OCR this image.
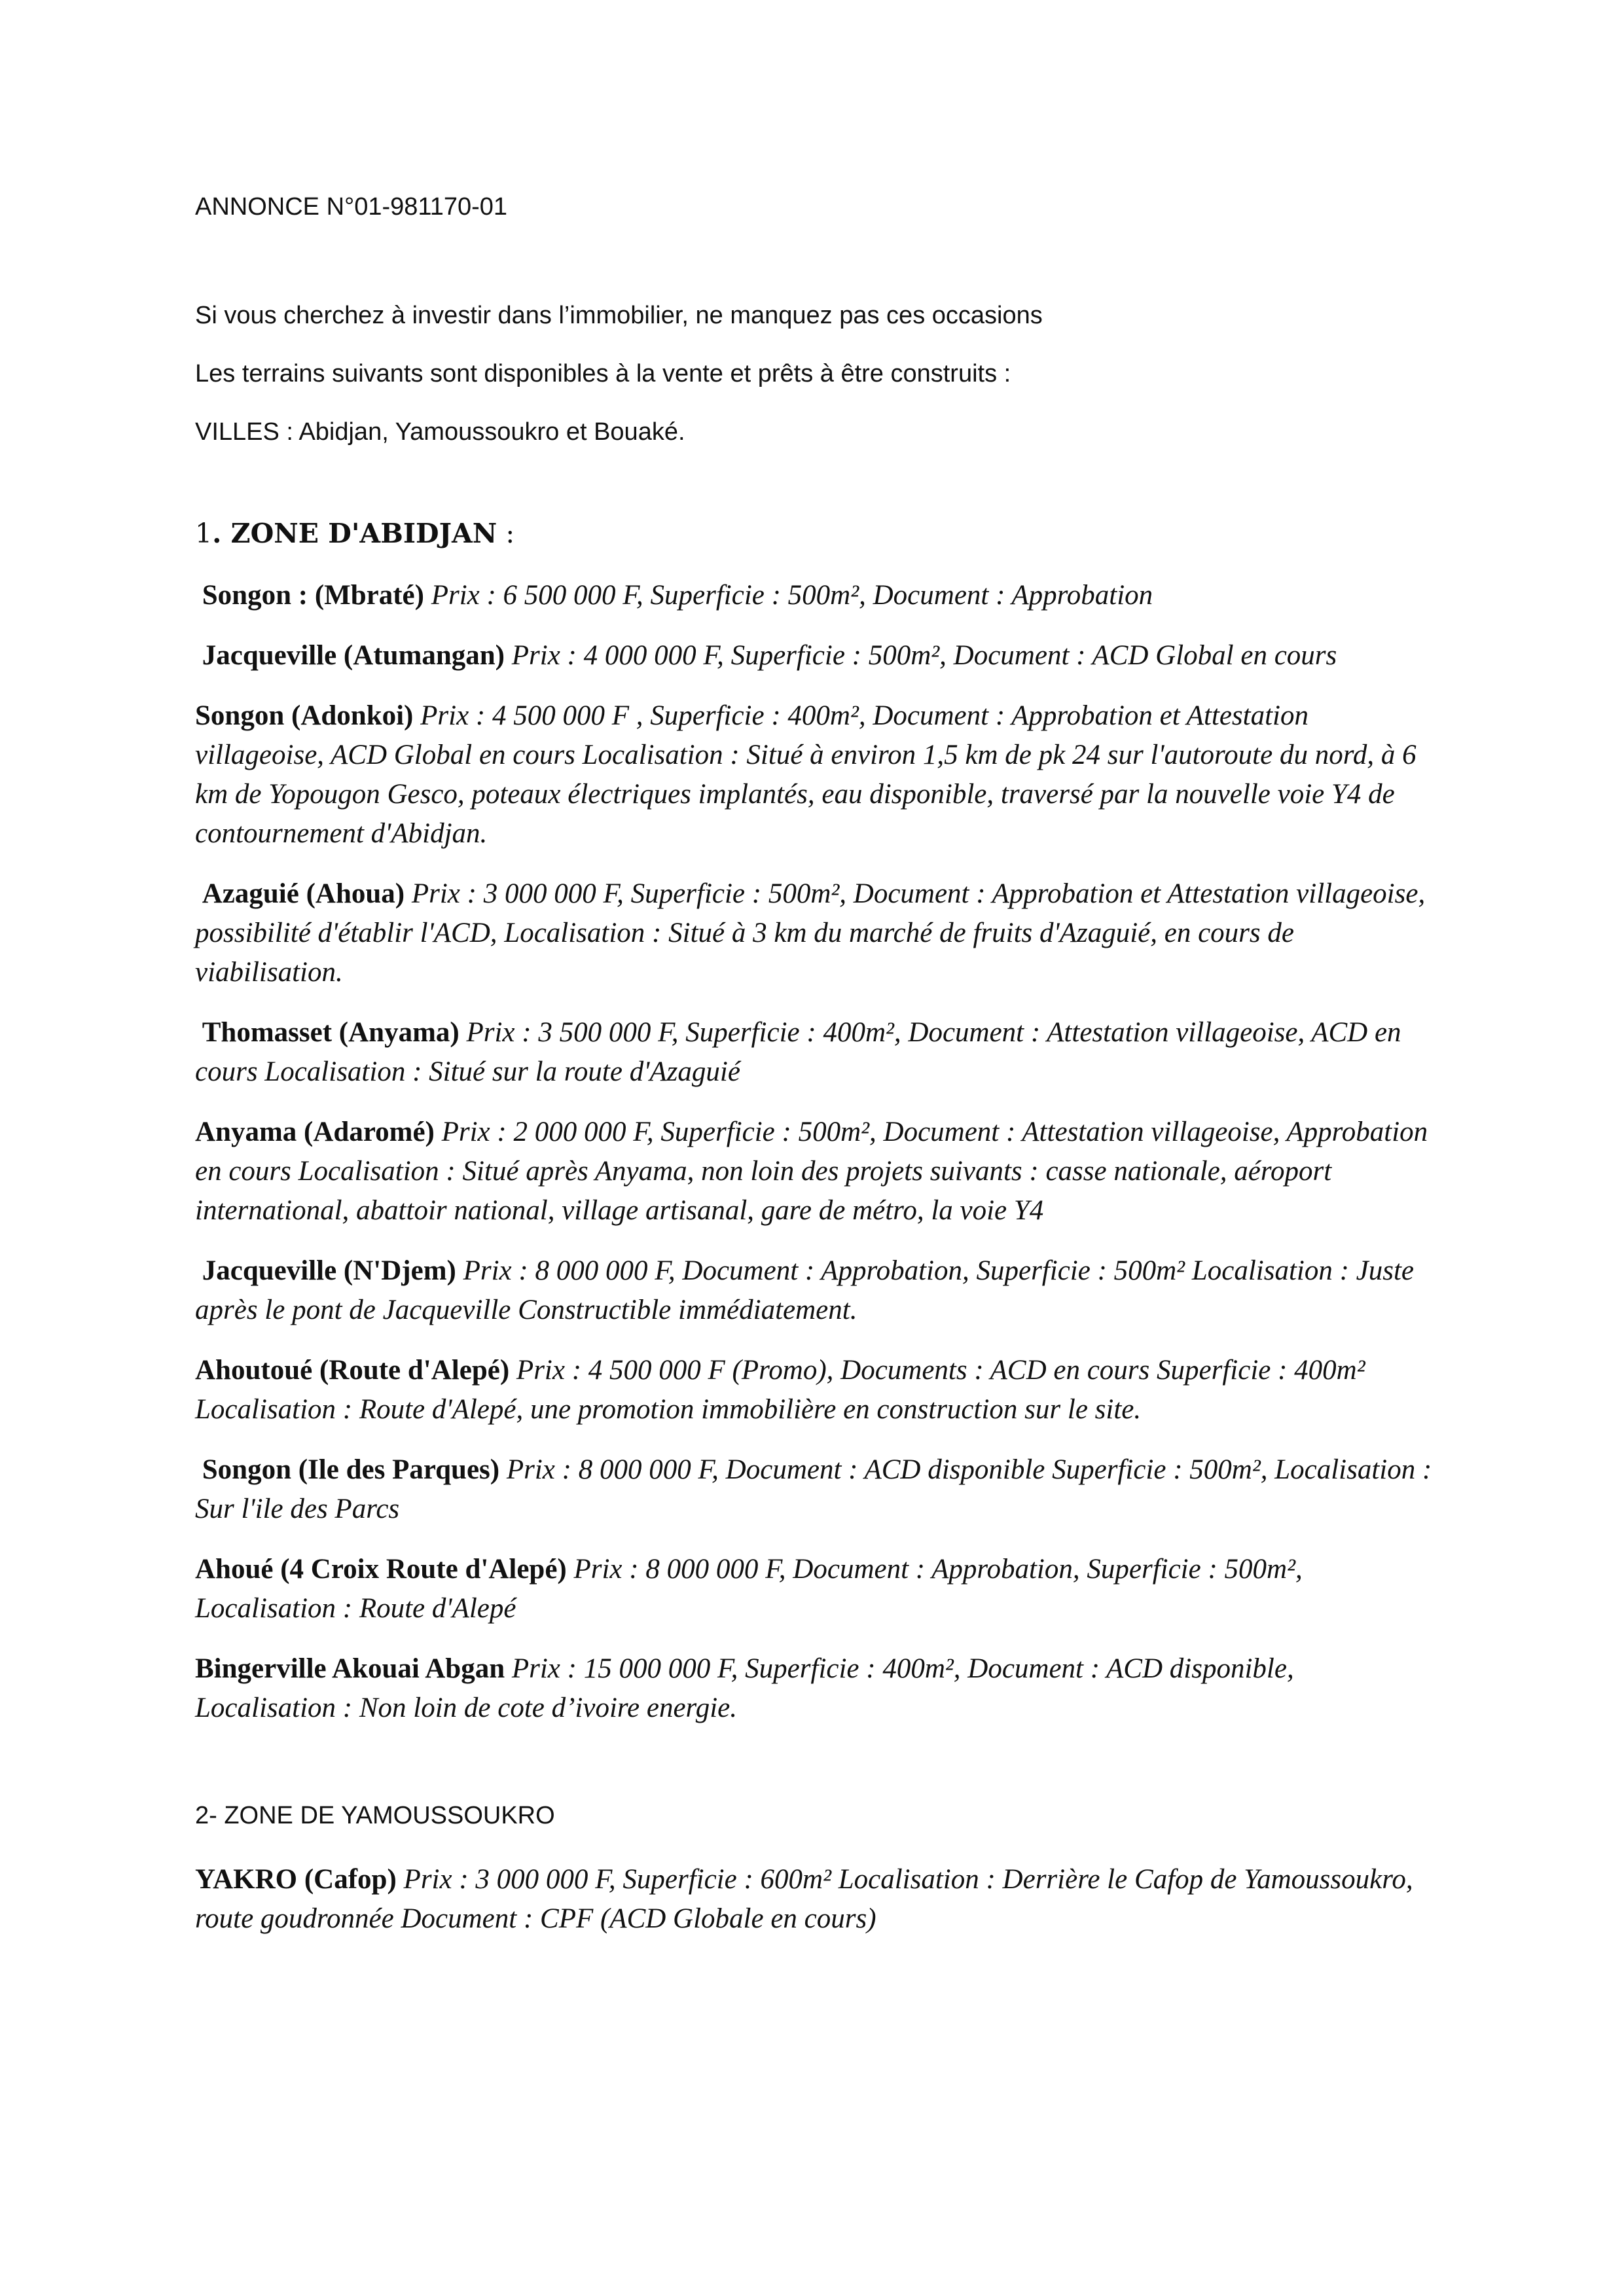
ANNONCE N°01-981170-01

Si vous cherchez à investir dans l’immobilier, ne manquez pas ces occasions

Les terrains suivants sont disponibles à la vente et prêts à être construits :

VILLES : Abidjan, Yamoussoukro et Bouaké.

1. ZONE D'ABIDJAN :

Songon : (Mbraté) Prix : 6 500 000 F, Superficie : 500m², Document : Approbation

Jacqueville (Atumangan) Prix : 4 000 000 F, Superficie : 500m², Document : ACD Global en cours

Songon (Adonkoi) Prix : 4 500 000 F , Superficie : 400m², Document : Approbation et Attestation villageoise, ACD Global en cours Localisation : Situé à environ 1,5 km de pk 24 sur l'autoroute du nord, à 6 km de Yopougon Gesco, poteaux électriques implantés, eau disponible, traversé par la nouvelle voie Y4 de contournement d'Abidjan.

Azaguié (Ahoua) Prix : 3 000 000 F, Superficie : 500m², Document : Approbation et Attestation villageoise, possibilité d'établir l'ACD, Localisation : Situé à 3 km du marché de fruits d'Azaguié, en cours de viabilisation.

Thomasset (Anyama) Prix : 3 500 000 F, Superficie : 400m², Document : Attestation villageoise, ACD en cours Localisation : Situé sur la route d'Azaguié

Anyama (Adaromé) Prix : 2 000 000 F, Superficie : 500m², Document : Attestation villageoise, Approbation en cours Localisation : Situé après Anyama, non loin des projets suivants : casse nationale, aéroport international, abattoir national, village artisanal, gare de métro, la voie Y4

Jacqueville (N'Djem) Prix : 8 000 000 F, Document : Approbation, Superficie : 500m² Localisation : Juste après le pont de Jacqueville Constructible immédiatement.

Ahoutoué (Route d'Alepé) Prix : 4 500 000 F (Promo), Documents : ACD en cours Superficie : 400m² Localisation : Route d'Alepé, une promotion immobilière en construction sur le site.

Songon (Ile des Parques) Prix : 8 000 000 F, Document : ACD disponible Superficie : 500m², Localisation : Sur l'ile des Parcs

Ahoué (4 Croix Route d'Alepé) Prix : 8 000 000 F, Document : Approbation, Superficie : 500m², Localisation : Route d'Alepé

Bingerville Akouai Abgan Prix : 15 000 000 F, Superficie : 400m², Document : ACD disponible, Localisation : Non loin de cote d’ivoire energie.

2- ZONE DE YAMOUSSOUKRO

YAKRO (Cafop) Prix : 3 000 000 F, Superficie : 600m² Localisation : Derrière le Cafop de Yamoussoukro, route goudronnée Document : CPF (ACD Globale en cours)
